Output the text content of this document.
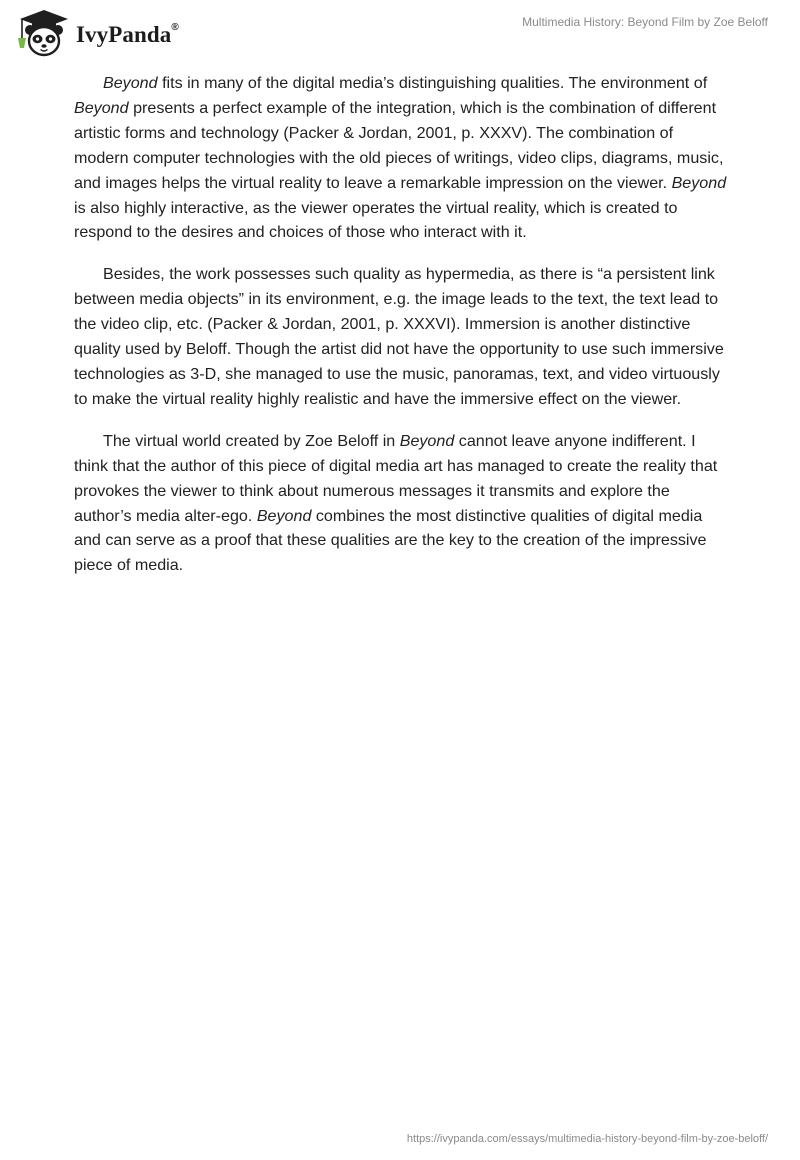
IvyPanda®	Multimedia History: Beyond Film by Zoe Beloff

Beyond fits in many of the digital media’s distinguishing qualities. The environment of Beyond presents a perfect example of the integration, which is the combination of different artistic forms and technology (Packer & Jordan, 2001, p. XXXV). The combination of modern computer technologies with the old pieces of writings, video clips, diagrams, music, and images helps the virtual reality to leave a remarkable impression on the viewer. Beyond is also highly interactive, as the viewer operates the virtual reality, which is created to respond to the desires and choices of those who interact with it.

Besides, the work possesses such quality as hypermedia, as there is “a persistent link between media objects” in its environment, e.g. the image leads to the text, the text lead to the video clip, etc. (Packer & Jordan, 2001, p. XXXVI). Immersion is another distinctive quality used by Beloff. Though the artist did not have the opportunity to use such immersive technologies as 3-D, she managed to use the music, panoramas, text, and video virtuously to make the virtual reality highly realistic and have the immersive effect on the viewer.

The virtual world created by Zoe Beloff in Beyond cannot leave anyone indifferent. I think that the author of this piece of digital media art has managed to create the reality that provokes the viewer to think about numerous messages it transmits and explore the author’s media alter-ego. Beyond combines the most distinctive qualities of digital media and can serve as a proof that these qualities are the key to the creation of the impressive piece of media.

https://ivypanda.com/essays/multimedia-history-beyond-film-by-zoe-beloff/
